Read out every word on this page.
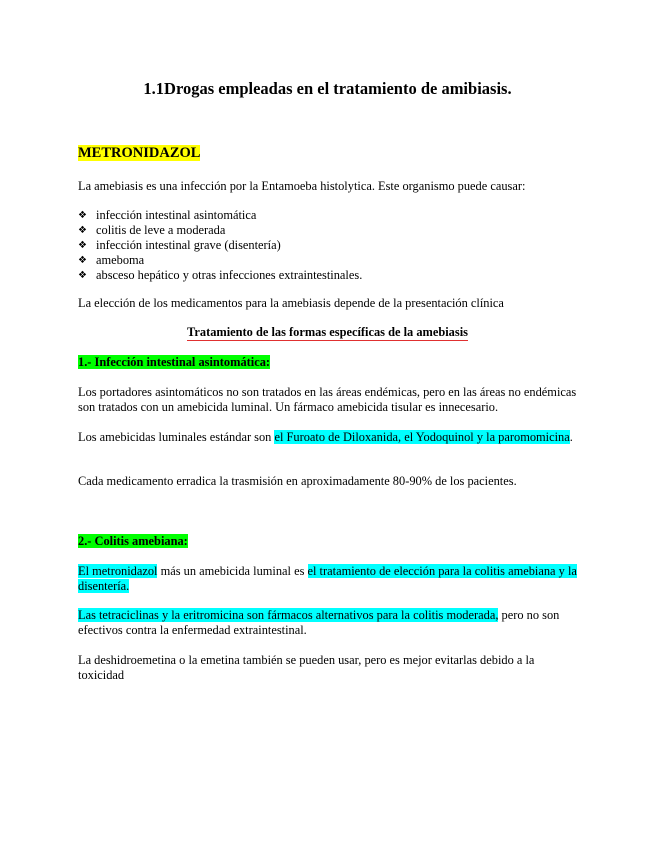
1.1Drogas empleadas en el tratamiento de amibiasis.
METRONIDAZOL
La amebiasis es una infección por la Entamoeba histolytica. Este organismo puede causar:
❖ infección intestinal asintomática
❖ colitis de leve a moderada
❖ infección intestinal grave (disentería)
❖ ameboma
❖ absceso hepático y otras infecciones extraintestinales.
La elección de los medicamentos para la amebiasis depende de la presentación clínica
Tratamiento de las formas específicas de la amebiasis
1.- Infección intestinal asintomática:
Los portadores asintomáticos no son tratados en las áreas endémicas, pero en las áreas no endémicas son tratados con un amebicida luminal. Un fármaco amebicida tisular es innecesario.
Los amebicidas luminales estándar son el Furoato de Diloxanida, el Yodoquinol y la paromomicina.
Cada medicamento erradica la trasmisión en aproximadamente 80-90% de los pacientes.
2.- Colitis amebiana:
El metronidazol más un amebicida luminal es el tratamiento de elección para la colitis amebiana y la disentería.
Las tetraciclinas y la eritromicina son fármacos alternativos para la colitis moderada, pero no son efectivos contra la enfermedad extraintestinal.
La deshidroemetina o la emetina también se pueden usar, pero es mejor evitarlas debido a la toxicidad
